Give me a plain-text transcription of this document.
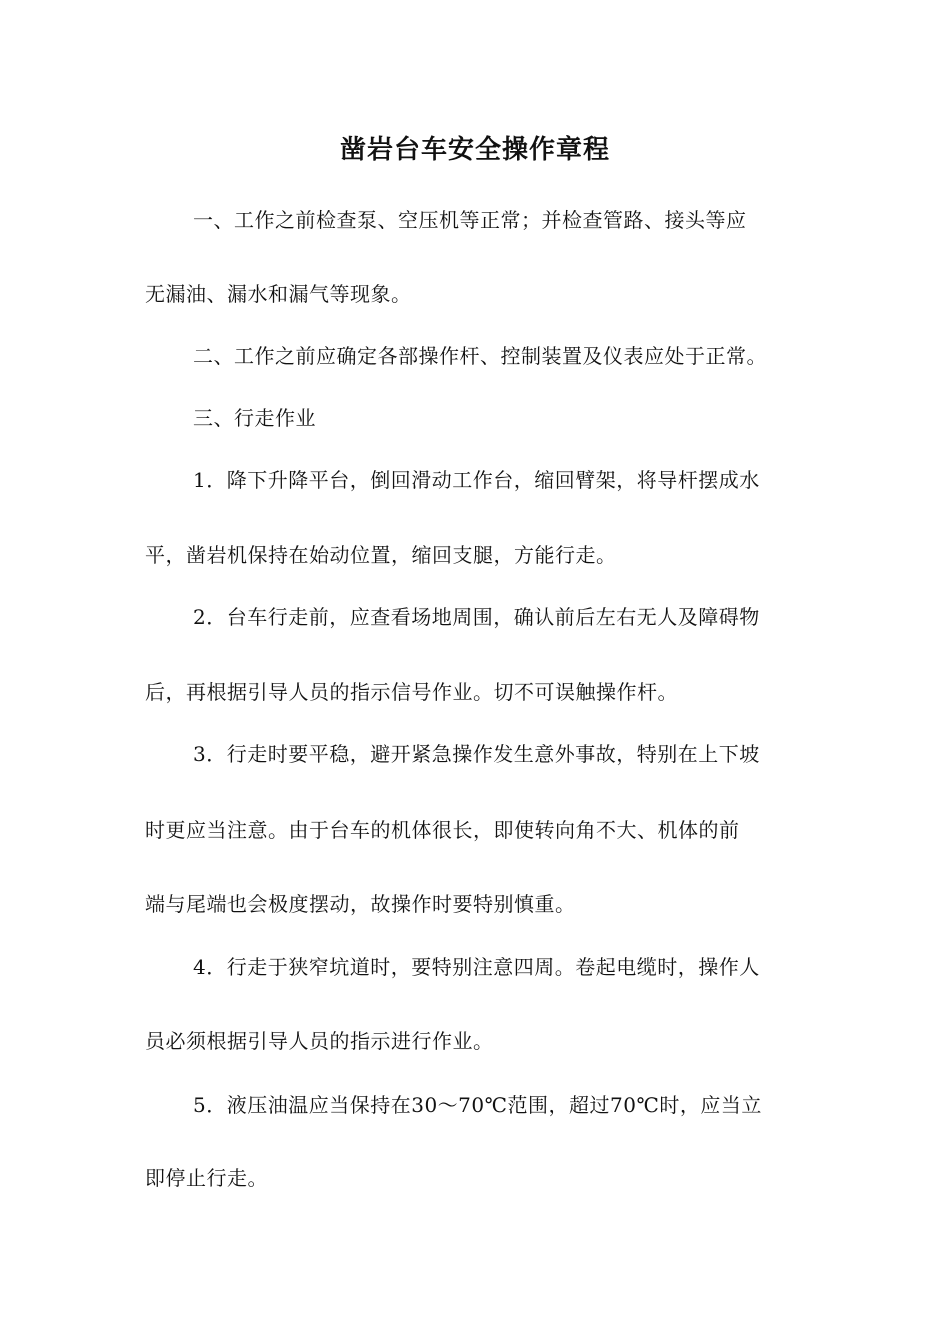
凿岩台车安全操作章程
一、工作之前检查泵、空压机等正常；并检查管路、接头等应
无漏油、漏水和漏气等现象。
二、工作之前应确定各部操作杆、控制装置及仪表应处于正常。
三、行走作业
1．降下升降平台，倒回滑动工作台，缩回臂架，将导杆摆成水
平，凿岩机保持在始动位置，缩回支腿，方能行走。
2．台车行走前，应查看场地周围，确认前后左右无人及障碍物
后，再根据引导人员的指示信号作业。切不可误触操作杆。
3．行走时要平稳，避开紧急操作发生意外事故，特别在上下坡
时更应当注意。由于台车的机体很长，即使转向角不大、机体的前
端与尾端也会极度摆动，故操作时要特别慎重。
4．行走于狭窄坑道时，要特别注意四周。卷起电缆时，操作人
员必须根据引导人员的指示进行作业。
5．液压油温应当保持在30～70℃范围，超过70℃时，应当立
即停止行走。
